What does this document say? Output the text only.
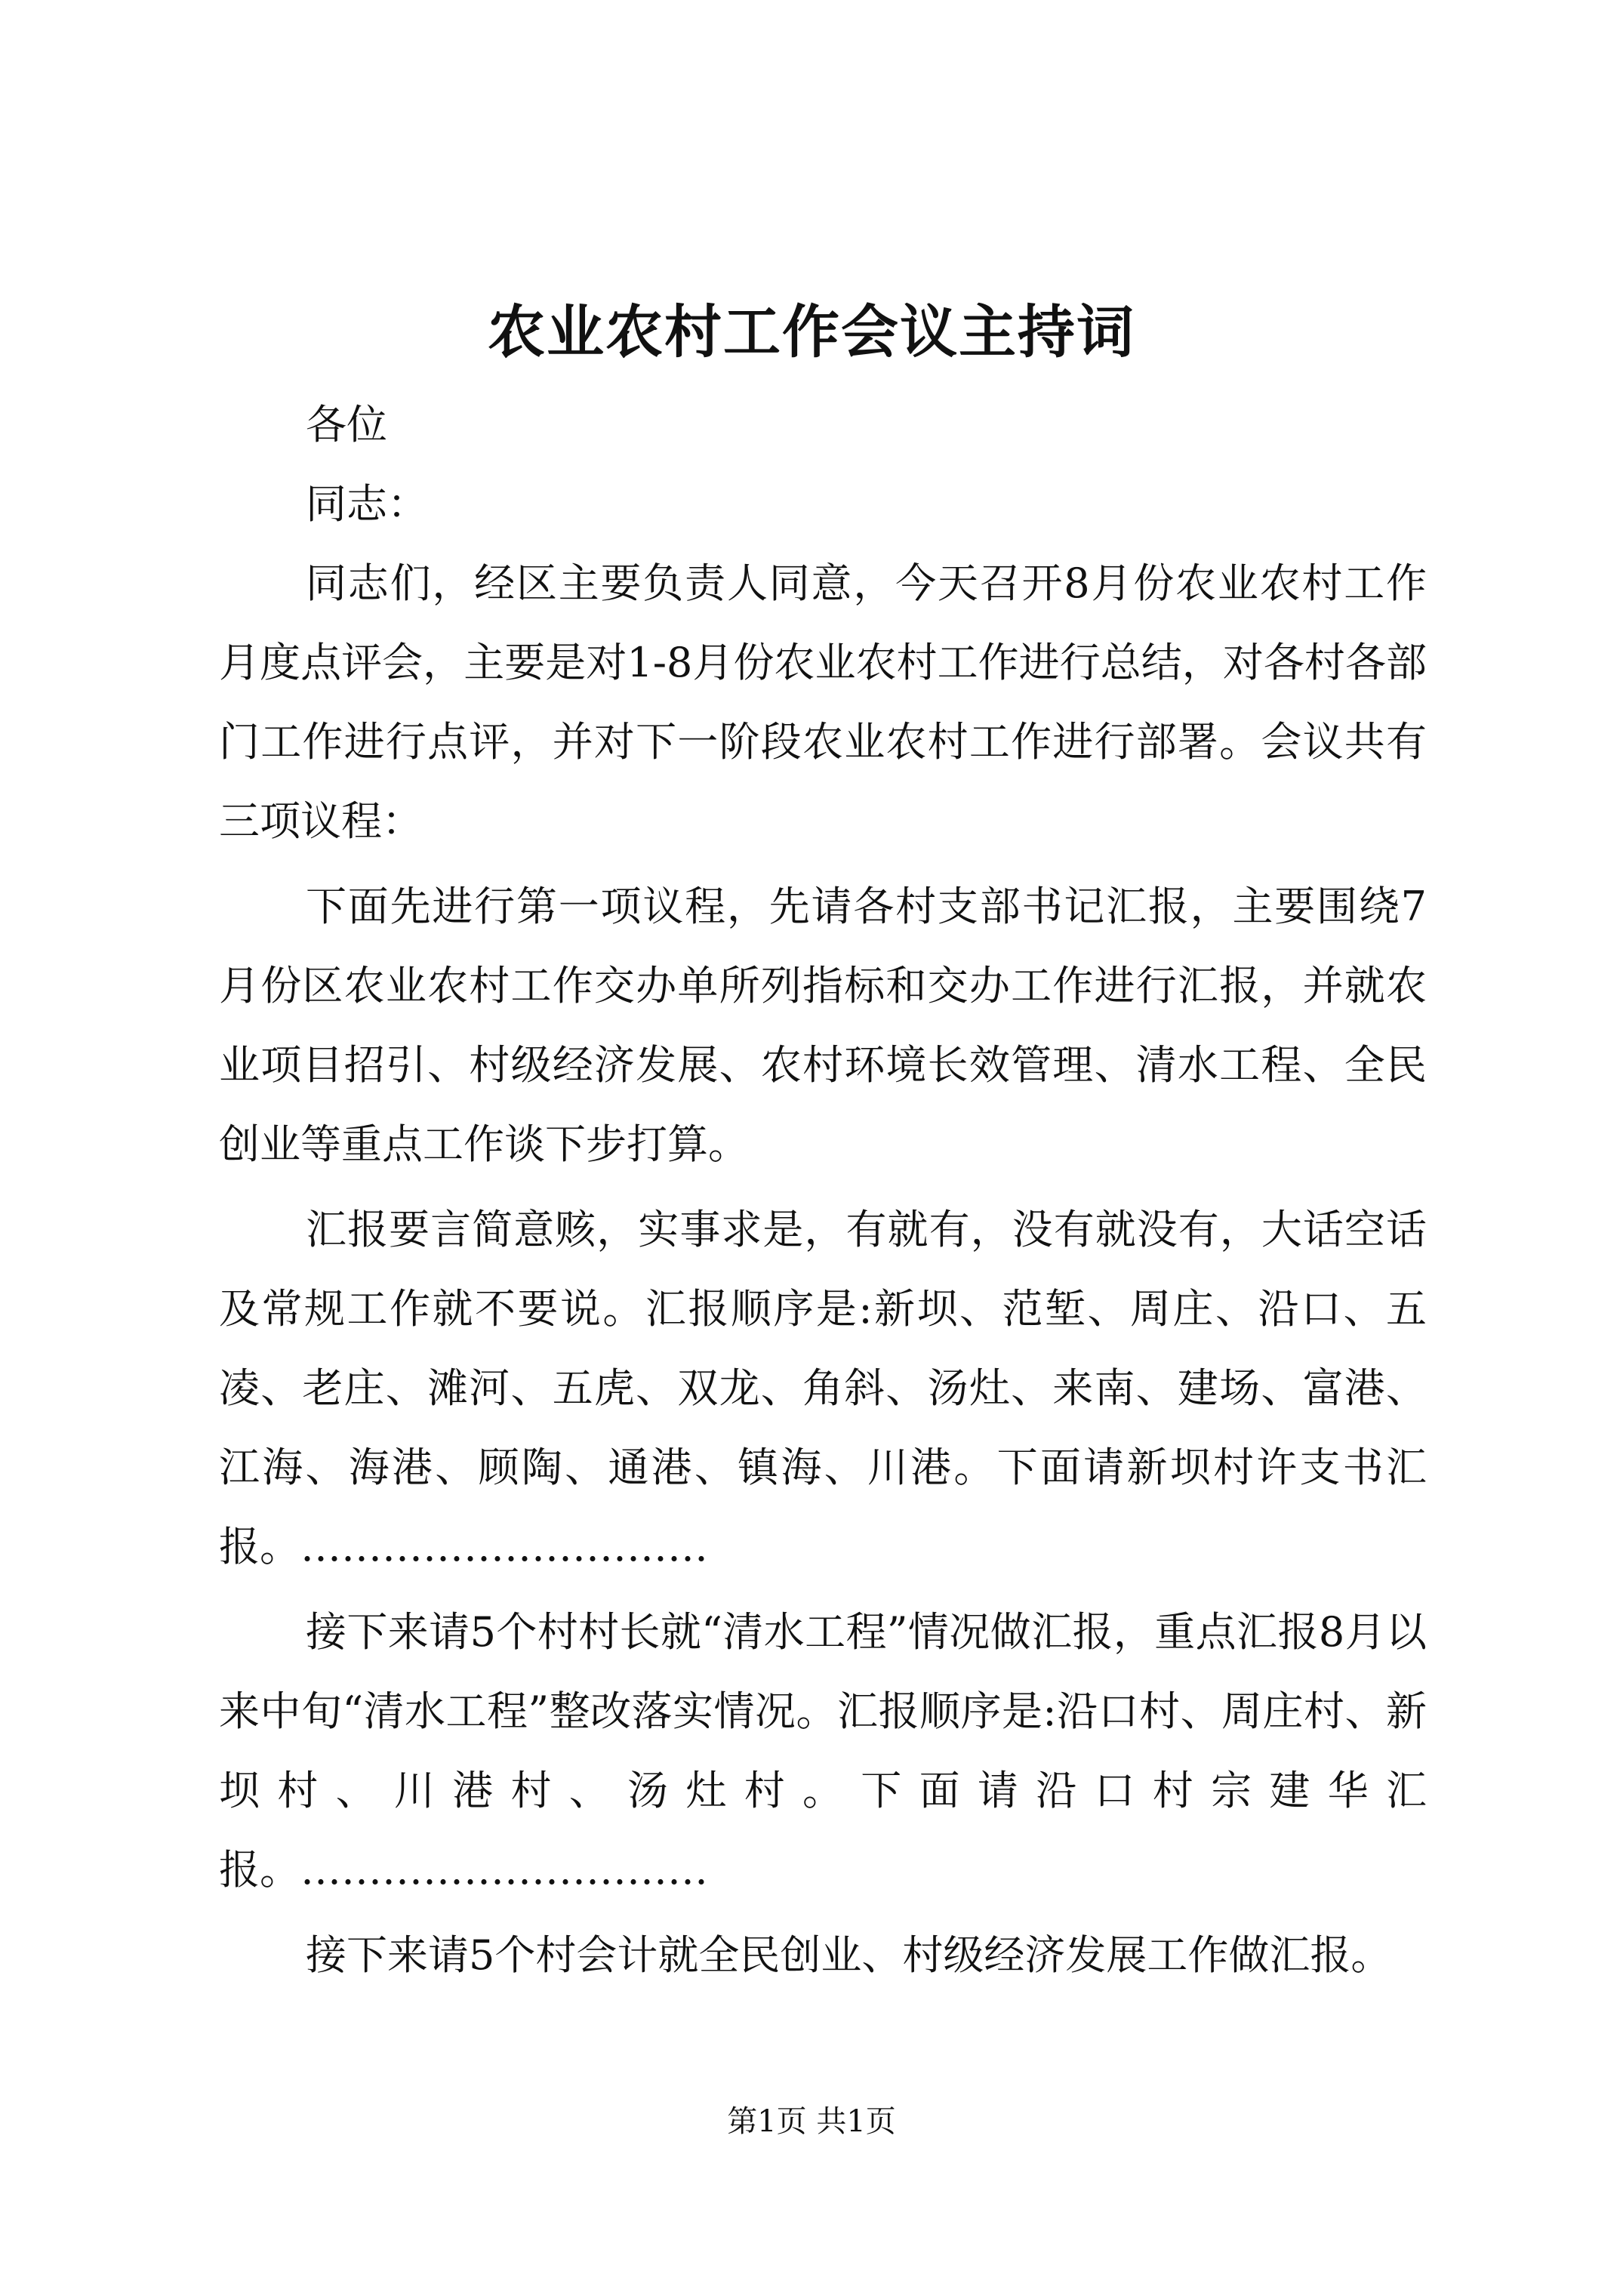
农业农村工作会议主持词
各位
同志：

同志们，经区主要负责人同意，今天召开8月份农业农村工作月度点评会，主要是对1-8月份农业农村工作进行总结，对各村各部门工作进行点评，并对下一阶段农业农村工作进行部署。会议共有三项议程：

下面先进行第一项议程，先请各村支部书记汇报，主要围绕7月份区农业农村工作交办单所列指标和交办工作进行汇报，并就农业项目招引、村级经济发展、农村环境长效管理、清水工程、全民创业等重点工作谈下步打算。

汇报要言简意赅，实事求是，有就有，没有就没有，大话空话及常规工作就不要说。汇报顺序是:新坝、范堑、周庄、沿口、五凌、老庄、滩河、五虎、双龙、角斜、汤灶、来南、建场、富港、江海、海港、顾陶、通港、镇海、川港。下面请新坝村许支书汇报。…………………………

接下来请5个村村长就“清水工程”情况做汇报，重点汇报8月以来中旬“清水工程”整改落实情况。汇报顺序是:沿口村、周庄村、新坝村、川港村、汤灶村。下面请沿口村宗建华汇报。…………………………

接下来请5个村会计就全民创业、村级经济发展工作做汇报。

第1页 共1页
